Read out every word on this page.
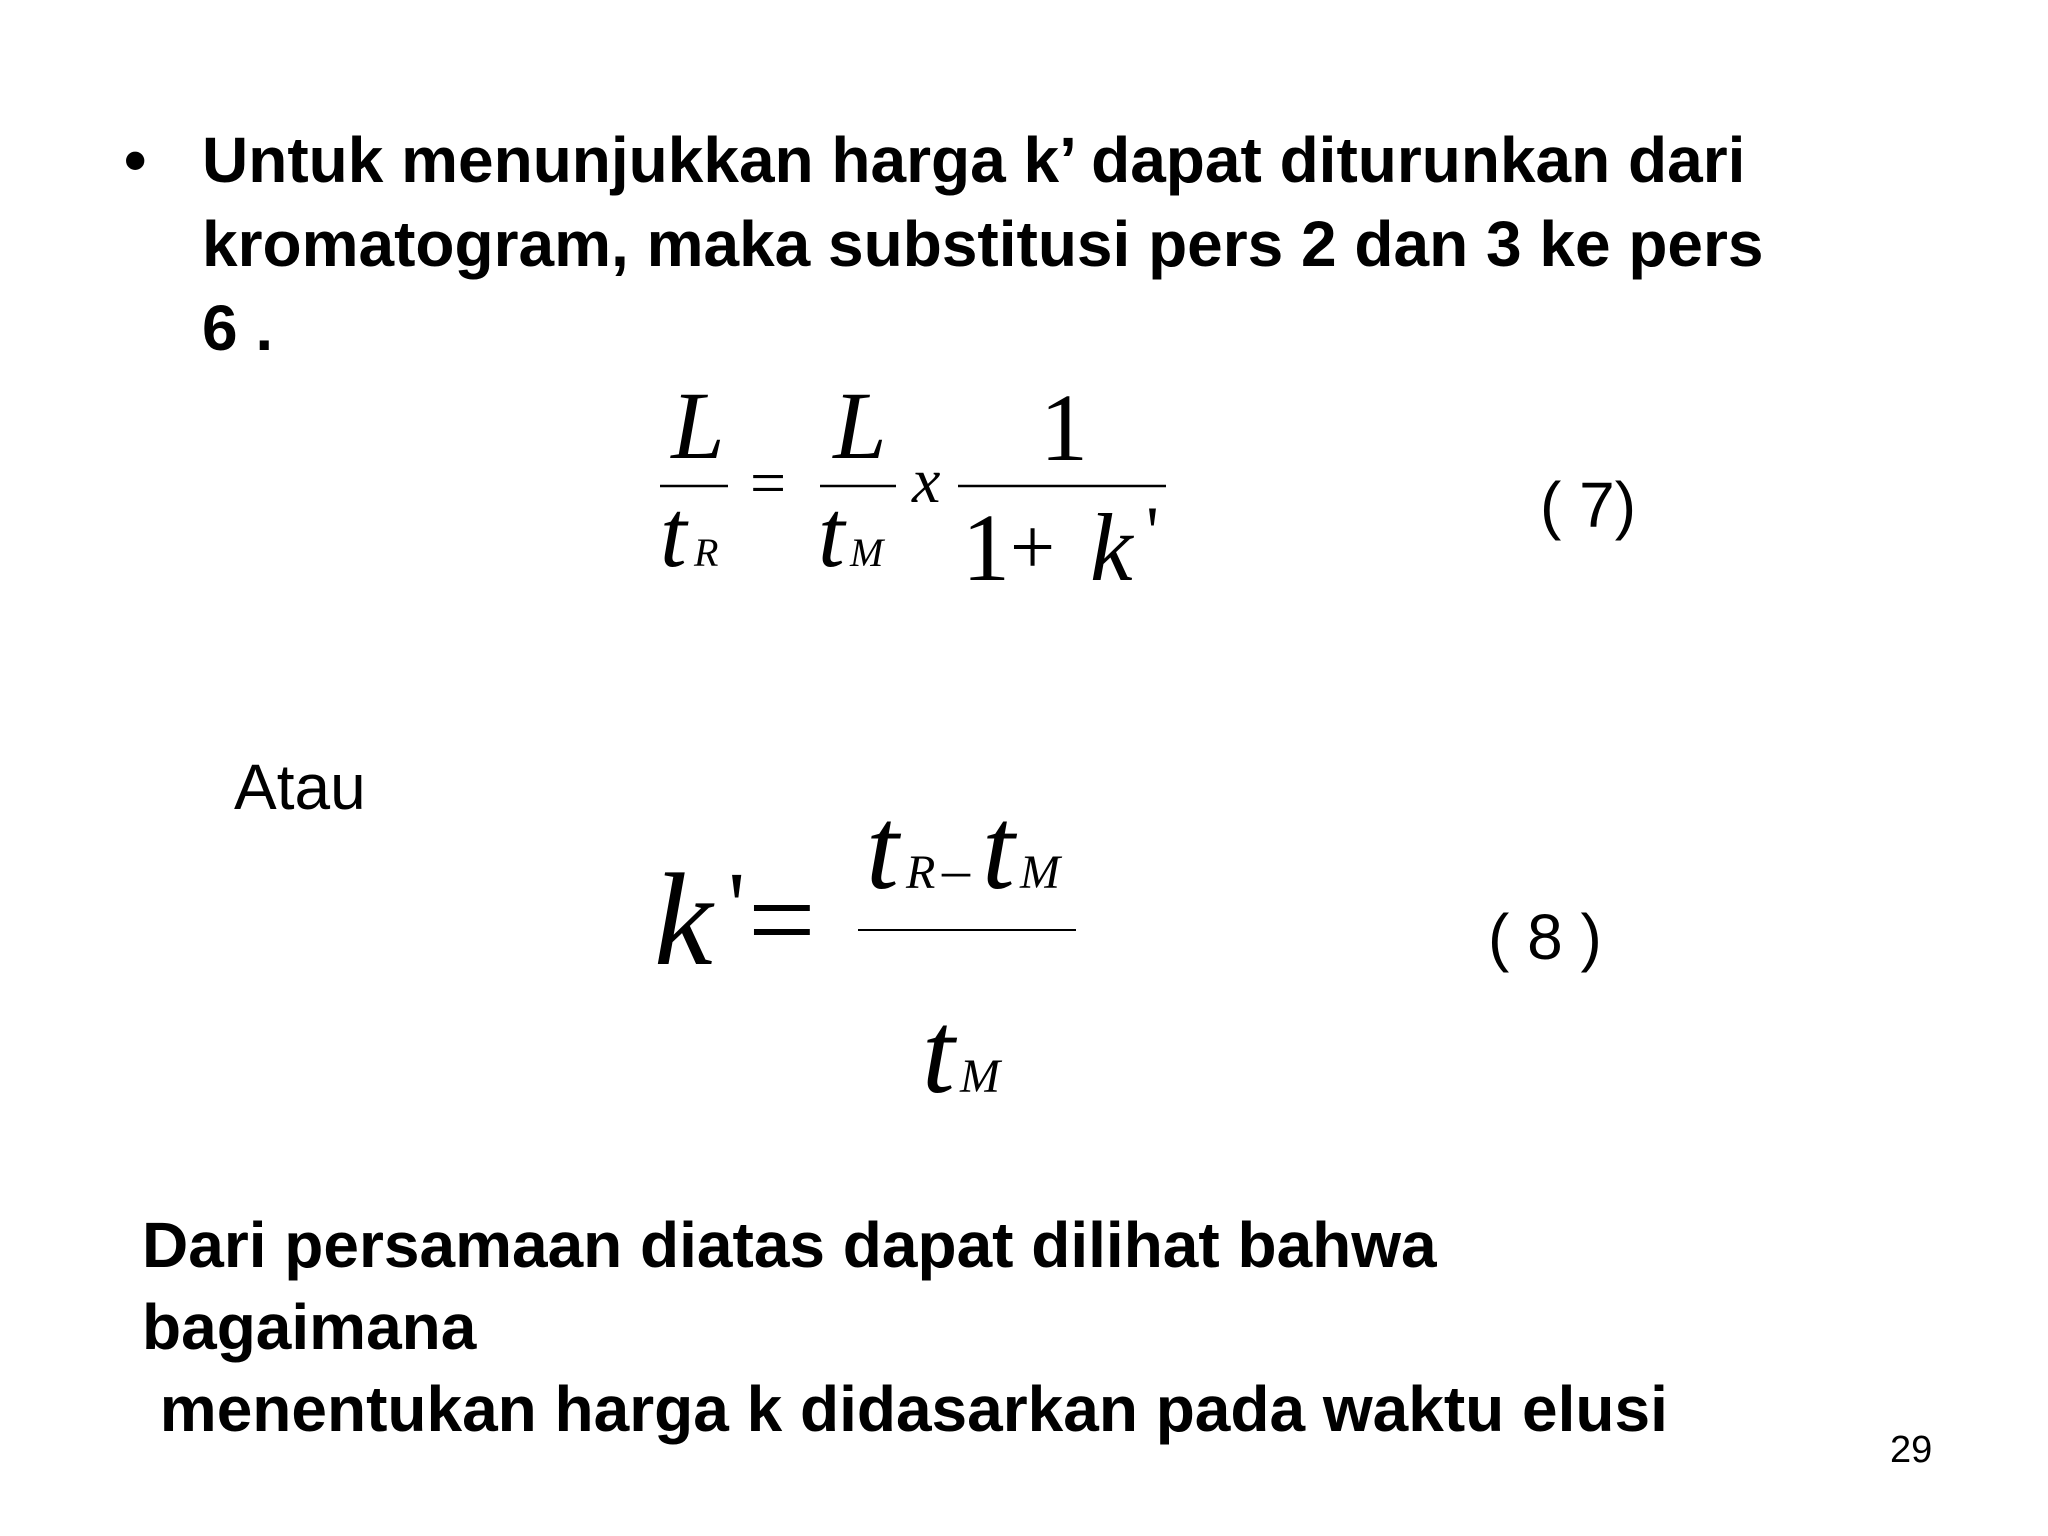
• Untuk menunjukkan harga k’ dapat diturunkan dari
kromatogram, maka substitusi pers 2 dan 3 ke pers
6 .
L
t R
=
L
t M
x 1
1 + k '	( 7)
Atau
k ' =
t R – t M
t M
( 8 )
Dari persamaan diatas dapat dilihat bahwa
bagaimana
menentukan harga k didasarkan pada waktu elusi
29
